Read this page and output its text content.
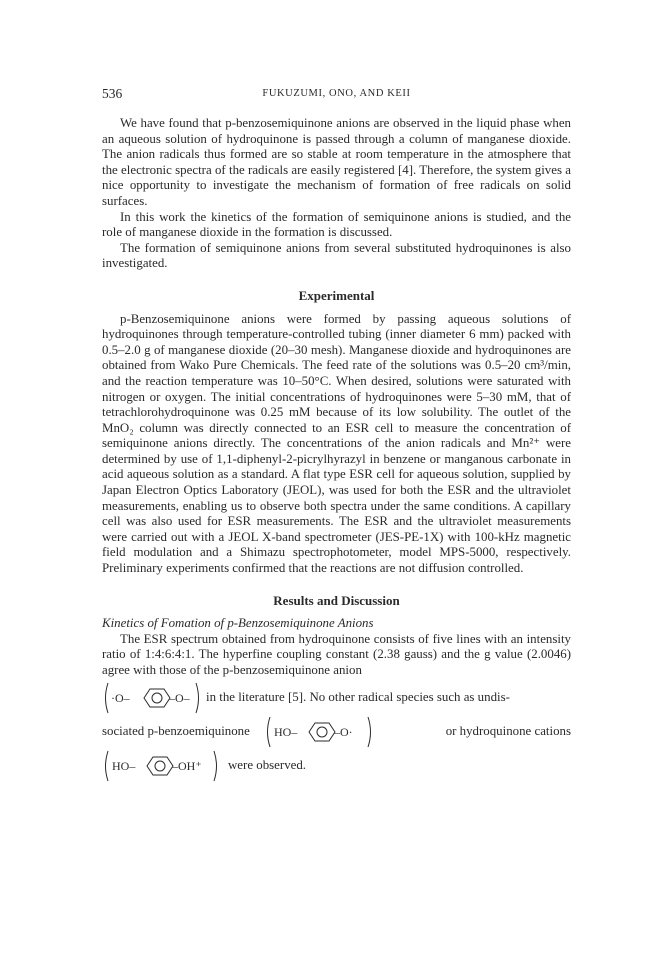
536	FUKUZUMI, ONO, AND KEII

We have found that p-benzosemiquinone anions are observed in the liquid phase when an aqueous solution of hydroquinone is passed through a column of manganese dioxide. The anion radicals thus formed are so stable at room temperature in the atmosphere that the electronic spectra of the radicals are easily registered [4]. Therefore, the system gives a nice opportunity to investigate the mechanism of formation of free radicals on solid surfaces.

In this work the kinetics of the formation of semiquinone anions is studied, and the role of manganese dioxide in the formation is discussed.

The formation of semiquinone anions from several substituted hydroquinones is also investigated.

Experimental

p-Benzosemiquinone anions were formed by passing aqueous solutions of hydroquinones through temperature-controlled tubing (inner diameter 6 mm) packed with 0.5–2.0 g of manganese dioxide (20–30 mesh). Manganese dioxide and hydroquinones are obtained from Wako Pure Chemicals. The feed rate of the solutions was 0.5–20 cm³/min, and the reaction temperature was 10–50°C. When desired, solutions were saturated with nitrogen or oxygen. The initial concentrations of hydroquinones were 5–30 mM, that of tetrachlorohydroquinone was 0.25 mM because of its low solubility. The outlet of the MnO₂ column was directly connected to an ESR cell to measure the concentration of semiquinone anions directly. The concentrations of the anion radicals and Mn²⁺ were determined by use of 1,1-diphenyl-2-picrylhyrazyl in benzene or manganous carbonate in acid aqueous solution as a standard. A flat type ESR cell for aqueous solution, supplied by Japan Electron Optics Laboratory (JEOL), was used for both the ESR and the ultraviolet measurements, enabling us to observe both spectra under the same conditions. A capillary cell was also used for ESR measurements. The ESR and the ultraviolet measurements were carried out with a JEOL X-band spectrometer (JES-PE-1X) with 100-kHz magnetic field modulation and a Shimazu spectrophotometer, model MPS-5000, respectively. Preliminary experiments confirmed that the reactions are not diffusion controlled.

Results and Discussion

Kinetics of Fomation of p-Benzosemiquinone Anions

The ESR spectrum obtained from hydroquinone consists of five lines with an intensity ratio of 1:4:6:4:1. The hyperfine coupling constant (2.38 gauss) and the g value (2.0046) agree with those of the p-benzosemiquinone anion

·O–	–O– in the literature [5]. No other radical species such as undis-
sociated p-benzoemiquinone HO–	–O·	or hydroquinone cations
HO–	–OH⁺ were observed.
